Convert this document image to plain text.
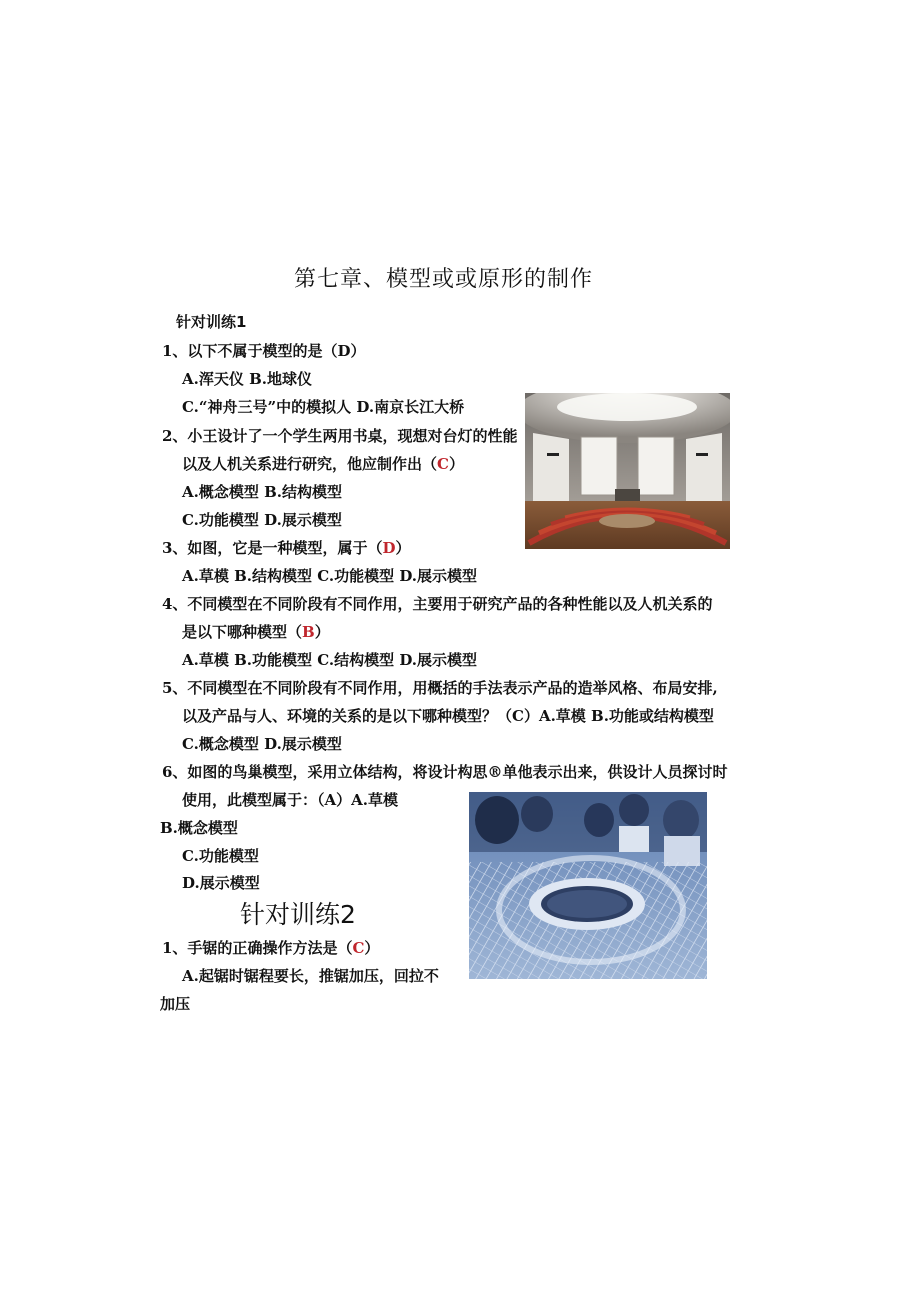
第七章、模型或或原形的制作
针对训练1
1、以下不属于模型的是（D）
A.浑天仪 B.地球仪
C.“神舟三号”中的模拟人 D.南京长江大桥
2、小王设计了一个学生两用书桌，现想对台灯的性能
以及人机关系进行研究，他应制作出（C）
A.概念模型 B.结构模型
C.功能模型 D.展示模型
3、如图，它是一种模型，属于（D）
A.草模 B.结构模型 C.功能模型 D.展示模型
4、不同模型在不同阶段有不同作用，主要用于研究产品的各种性能以及人机关系的
是以下哪种模型（B）
A.草模 B.功能模型 C.结构模型 D.展示模型
5、不同模型在不同阶段有不同作用，用概括的手法表示产品的造举风格、布局安排,
以及产品与人、环境的关系的是以下哪种模型？（C）A.草模 B.功能或结构模型
C.概念模型 D.展示模型
6、如图的鸟巢模型，采用立体结构，将设计构思®单他表示出来，供设计人员探讨时
使用，此模型属于：（A）A.草模
B.概念模型
C.功能模型
D.展示模型
针对训练2
1、手锯的正确操作方法是（C）
A.起锯时锯程要长，推锯加压，回拉不
加压
